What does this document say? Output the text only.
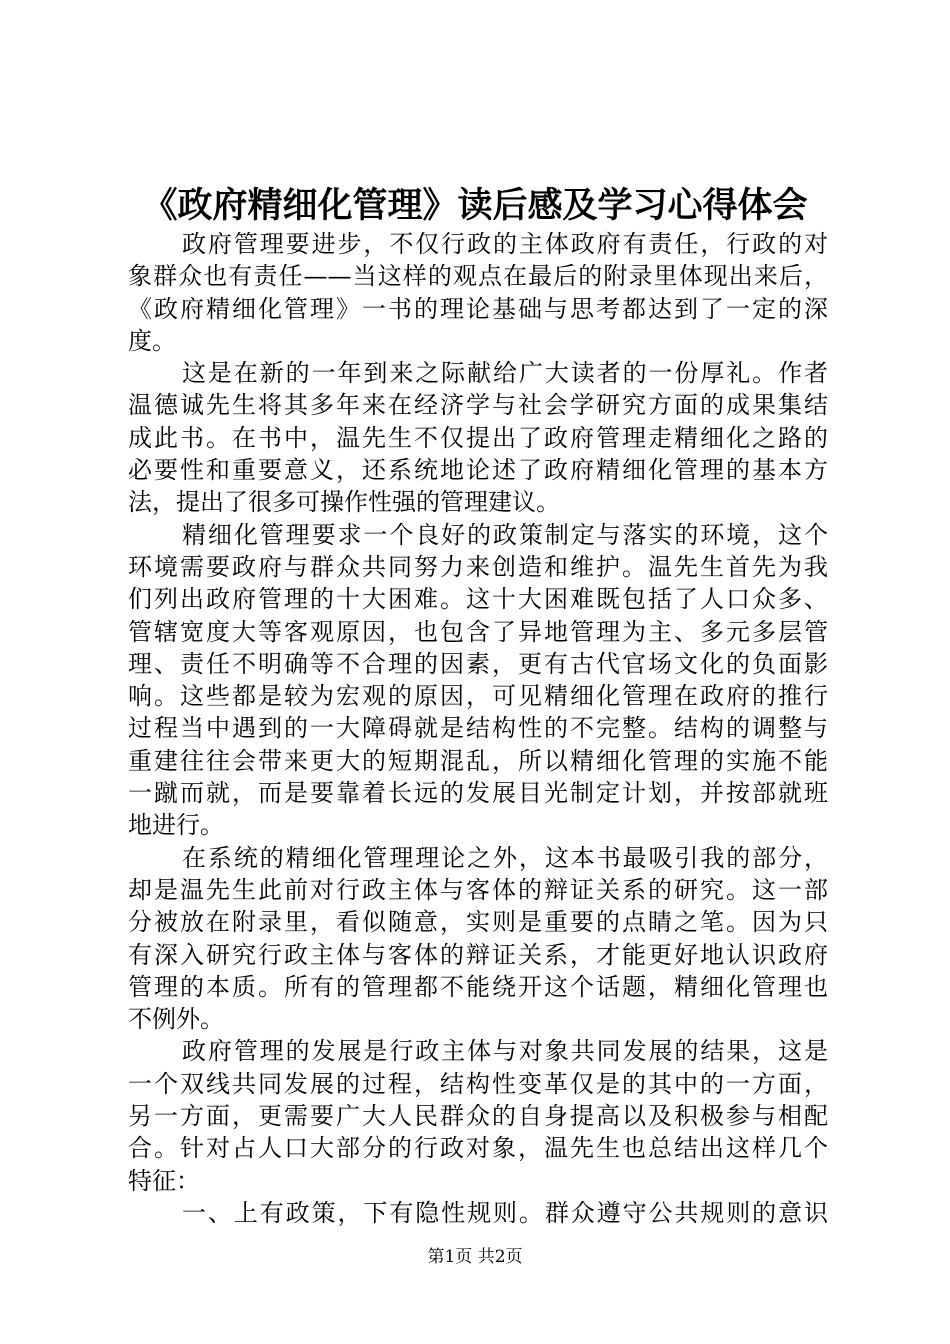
《政府精细化管理》读后感及学习心得体会
政府管理要进步，不仅行政的主体政府有责任，行政的对
象群众也有责任——当这样的观点在最后的附录里体现出来后，
《政府精细化管理》一书的理论基础与思考都达到了一定的深
度。
这是在新的一年到来之际献给广大读者的一份厚礼。作者
温德诚先生将其多年来在经济学与社会学研究方面的成果集结
成此书。在书中，温先生不仅提出了政府管理走精细化之路的
必要性和重要意义，还系统地论述了政府精细化管理的基本方
法，提出了很多可操作性强的管理建议。
精细化管理要求一个良好的政策制定与落实的环境，这个
环境需要政府与群众共同努力来创造和维护。温先生首先为我
们列出政府管理的十大困难。这十大困难既包括了人口众多、
管辖宽度大等客观原因，也包含了异地管理为主、多元多层管
理、责任不明确等不合理的因素，更有古代官场文化的负面影
响。这些都是较为宏观的原因，可见精细化管理在政府的推行
过程当中遇到的一大障碍就是结构性的不完整。结构的调整与
重建往往会带来更大的短期混乱，所以精细化管理的实施不能
一蹴而就，而是要靠着长远的发展目光制定计划，并按部就班
地进行。
在系统的精细化管理理论之外，这本书最吸引我的部分，
却是温先生此前对行政主体与客体的辩证关系的研究。这一部
分被放在附录里，看似随意，实则是重要的点睛之笔。因为只
有深入研究行政主体与客体的辩证关系，才能更好地认识政府
管理的本质。所有的管理都不能绕开这个话题，精细化管理也
不例外。
政府管理的发展是行政主体与对象共同发展的结果，这是
一个双线共同发展的过程，结构性变革仅是的其中的一方面，
另一方面，更需要广大人民群众的自身提高以及积极参与相配
合。针对占人口大部分的行政对象，温先生也总结出这样几个
特征：
一、上有政策，下有隐性规则。群众遵守公共规则的意识
第1页 共2页
